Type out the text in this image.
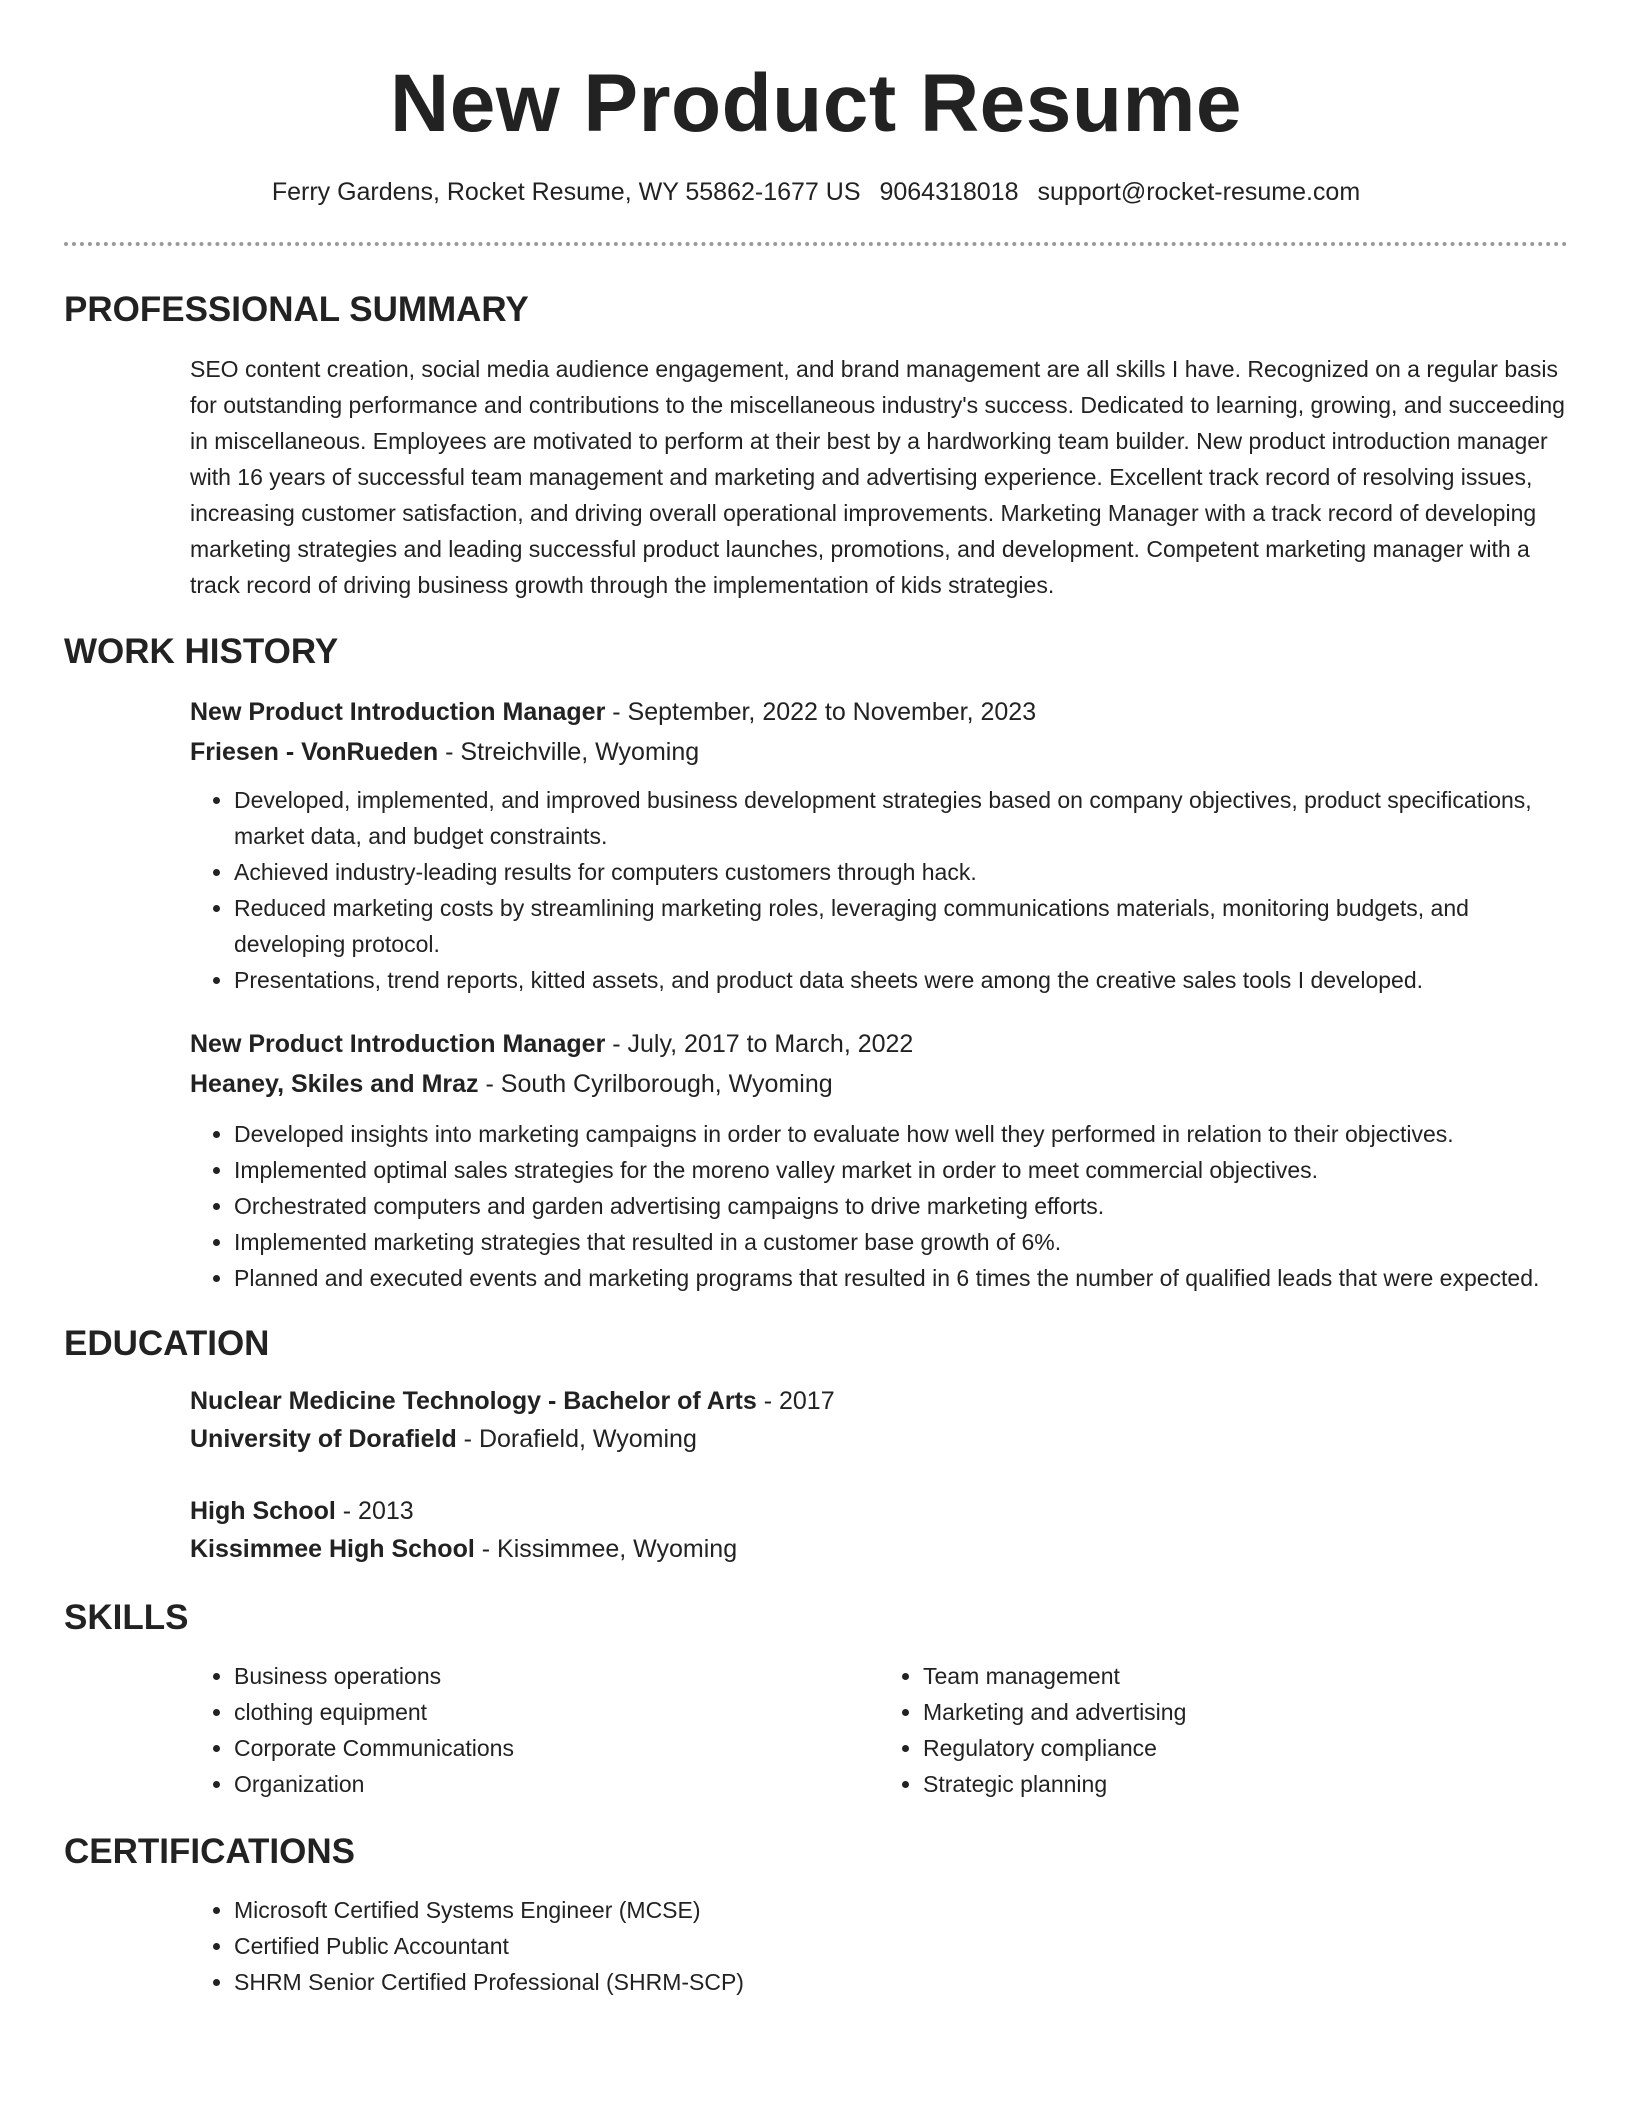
New Product Resume
Ferry Gardens, Rocket Resume, WY 55862-1677 US 9064318018 support@rocket-resume.com
PROFESSIONAL SUMMARY

SEO content creation, social media audience engagement, and brand management are all skills I have. Recognized on a regular basis for outstanding performance and contributions to the miscellaneous industry's success. Dedicated to learning, growing, and succeeding in miscellaneous. Employees are motivated to perform at their best by a hardworking team builder. New product introduction manager with 16 years of successful team management and marketing and advertising experience. Excellent track record of resolving issues, increasing customer satisfaction, and driving overall operational improvements. Marketing Manager with a track record of developing marketing strategies and leading successful product launches, promotions, and development. Competent marketing manager with a track record of driving business growth through the implementation of kids strategies.

WORK HISTORY
New Product Introduction Manager - September, 2022 to November, 2023
Friesen - VonRueden - Streichville, Wyoming
• Developed, implemented, and improved business development strategies based on company objectives, product specifications, market data, and budget constraints.
• Achieved industry-leading results for computers customers through hack.
• Reduced marketing costs by streamlining marketing roles, leveraging communications materials, monitoring budgets, and developing protocol.
• Presentations, trend reports, kitted assets, and product data sheets were among the creative sales tools I developed.
New Product Introduction Manager - July, 2017 to March, 2022
Heaney, Skiles and Mraz - South Cyrilborough, Wyoming
• Developed insights into marketing campaigns in order to evaluate how well they performed in relation to their objectives.
• Implemented optimal sales strategies for the moreno valley market in order to meet commercial objectives.
• Orchestrated computers and garden advertising campaigns to drive marketing efforts.
• Implemented marketing strategies that resulted in a customer base growth of 6%.
• Planned and executed events and marketing programs that resulted in 6 times the number of qualified leads that were expected.
EDUCATION
Nuclear Medicine Technology - Bachelor of Arts - 2017
University of Dorafield - Dorafield, Wyoming
High School - 2013
Kissimmee High School - Kissimmee, Wyoming
SKILLS
• Business operations
• clothing equipment
• Corporate Communications
• Organization
• Team management
• Marketing and advertising
• Regulatory compliance
• Strategic planning
CERTIFICATIONS
• Microsoft Certified Systems Engineer (MCSE)
• Certified Public Accountant
• SHRM Senior Certified Professional (SHRM-SCP)
